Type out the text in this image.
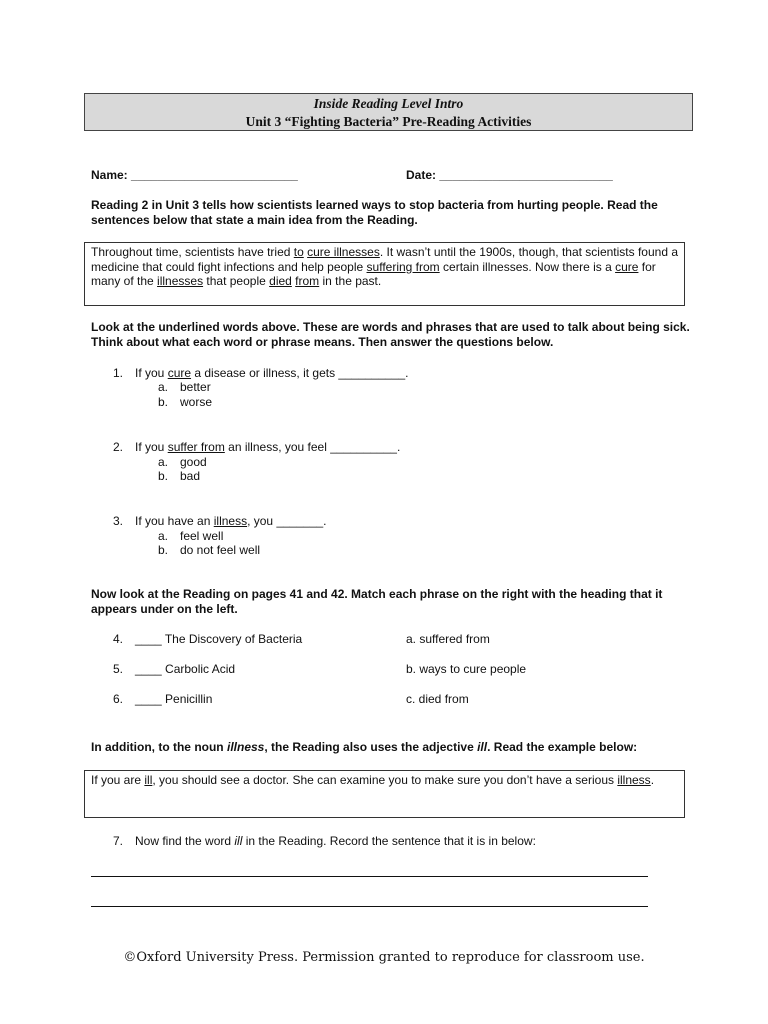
Inside Reading Level Intro
Unit 3 “Fighting Bacteria” Pre-Reading Activities
Name: _________________________	Date: __________________________
Reading 2 in Unit 3 tells how scientists learned ways to stop bacteria from hurting people. Read the sentences below that state a main idea from the Reading.
Throughout time, scientists have tried to cure illnesses. It wasn’t until the 1900s, though, that scientists found a medicine that could fight infections and help people suffering from certain illnesses. Now there is a cure for many of the illnesses that people died from in the past.
Look at the underlined words above. These are words and phrases that are used to talk about being sick. Think about what each word or phrase means. Then answer the questions below.
1. If you cure a disease or illness, it gets __________.
a. better
b. worse
2. If you suffer from an illness, you feel __________.
a. good
b. bad
3. If you have an illness, you _______.
a. feel well
b. do not feel well
Now look at the Reading on pages 41 and 42. Match each phrase on the right with the heading that it appears under on the left.
4. ____ The Discovery of Bacteria	a. suffered from
5. ____ Carbolic Acid	b. ways to cure people
6. ____ Penicillin	c. died from
In addition, to the noun illness, the Reading also uses the adjective ill. Read the example below:
If you are ill, you should see a doctor. She can examine you to make sure you don’t have a serious illness.
7. Now find the word ill in the Reading. Record the sentence that it is in below:
©Oxford University Press. Permission granted to reproduce for classroom use.
